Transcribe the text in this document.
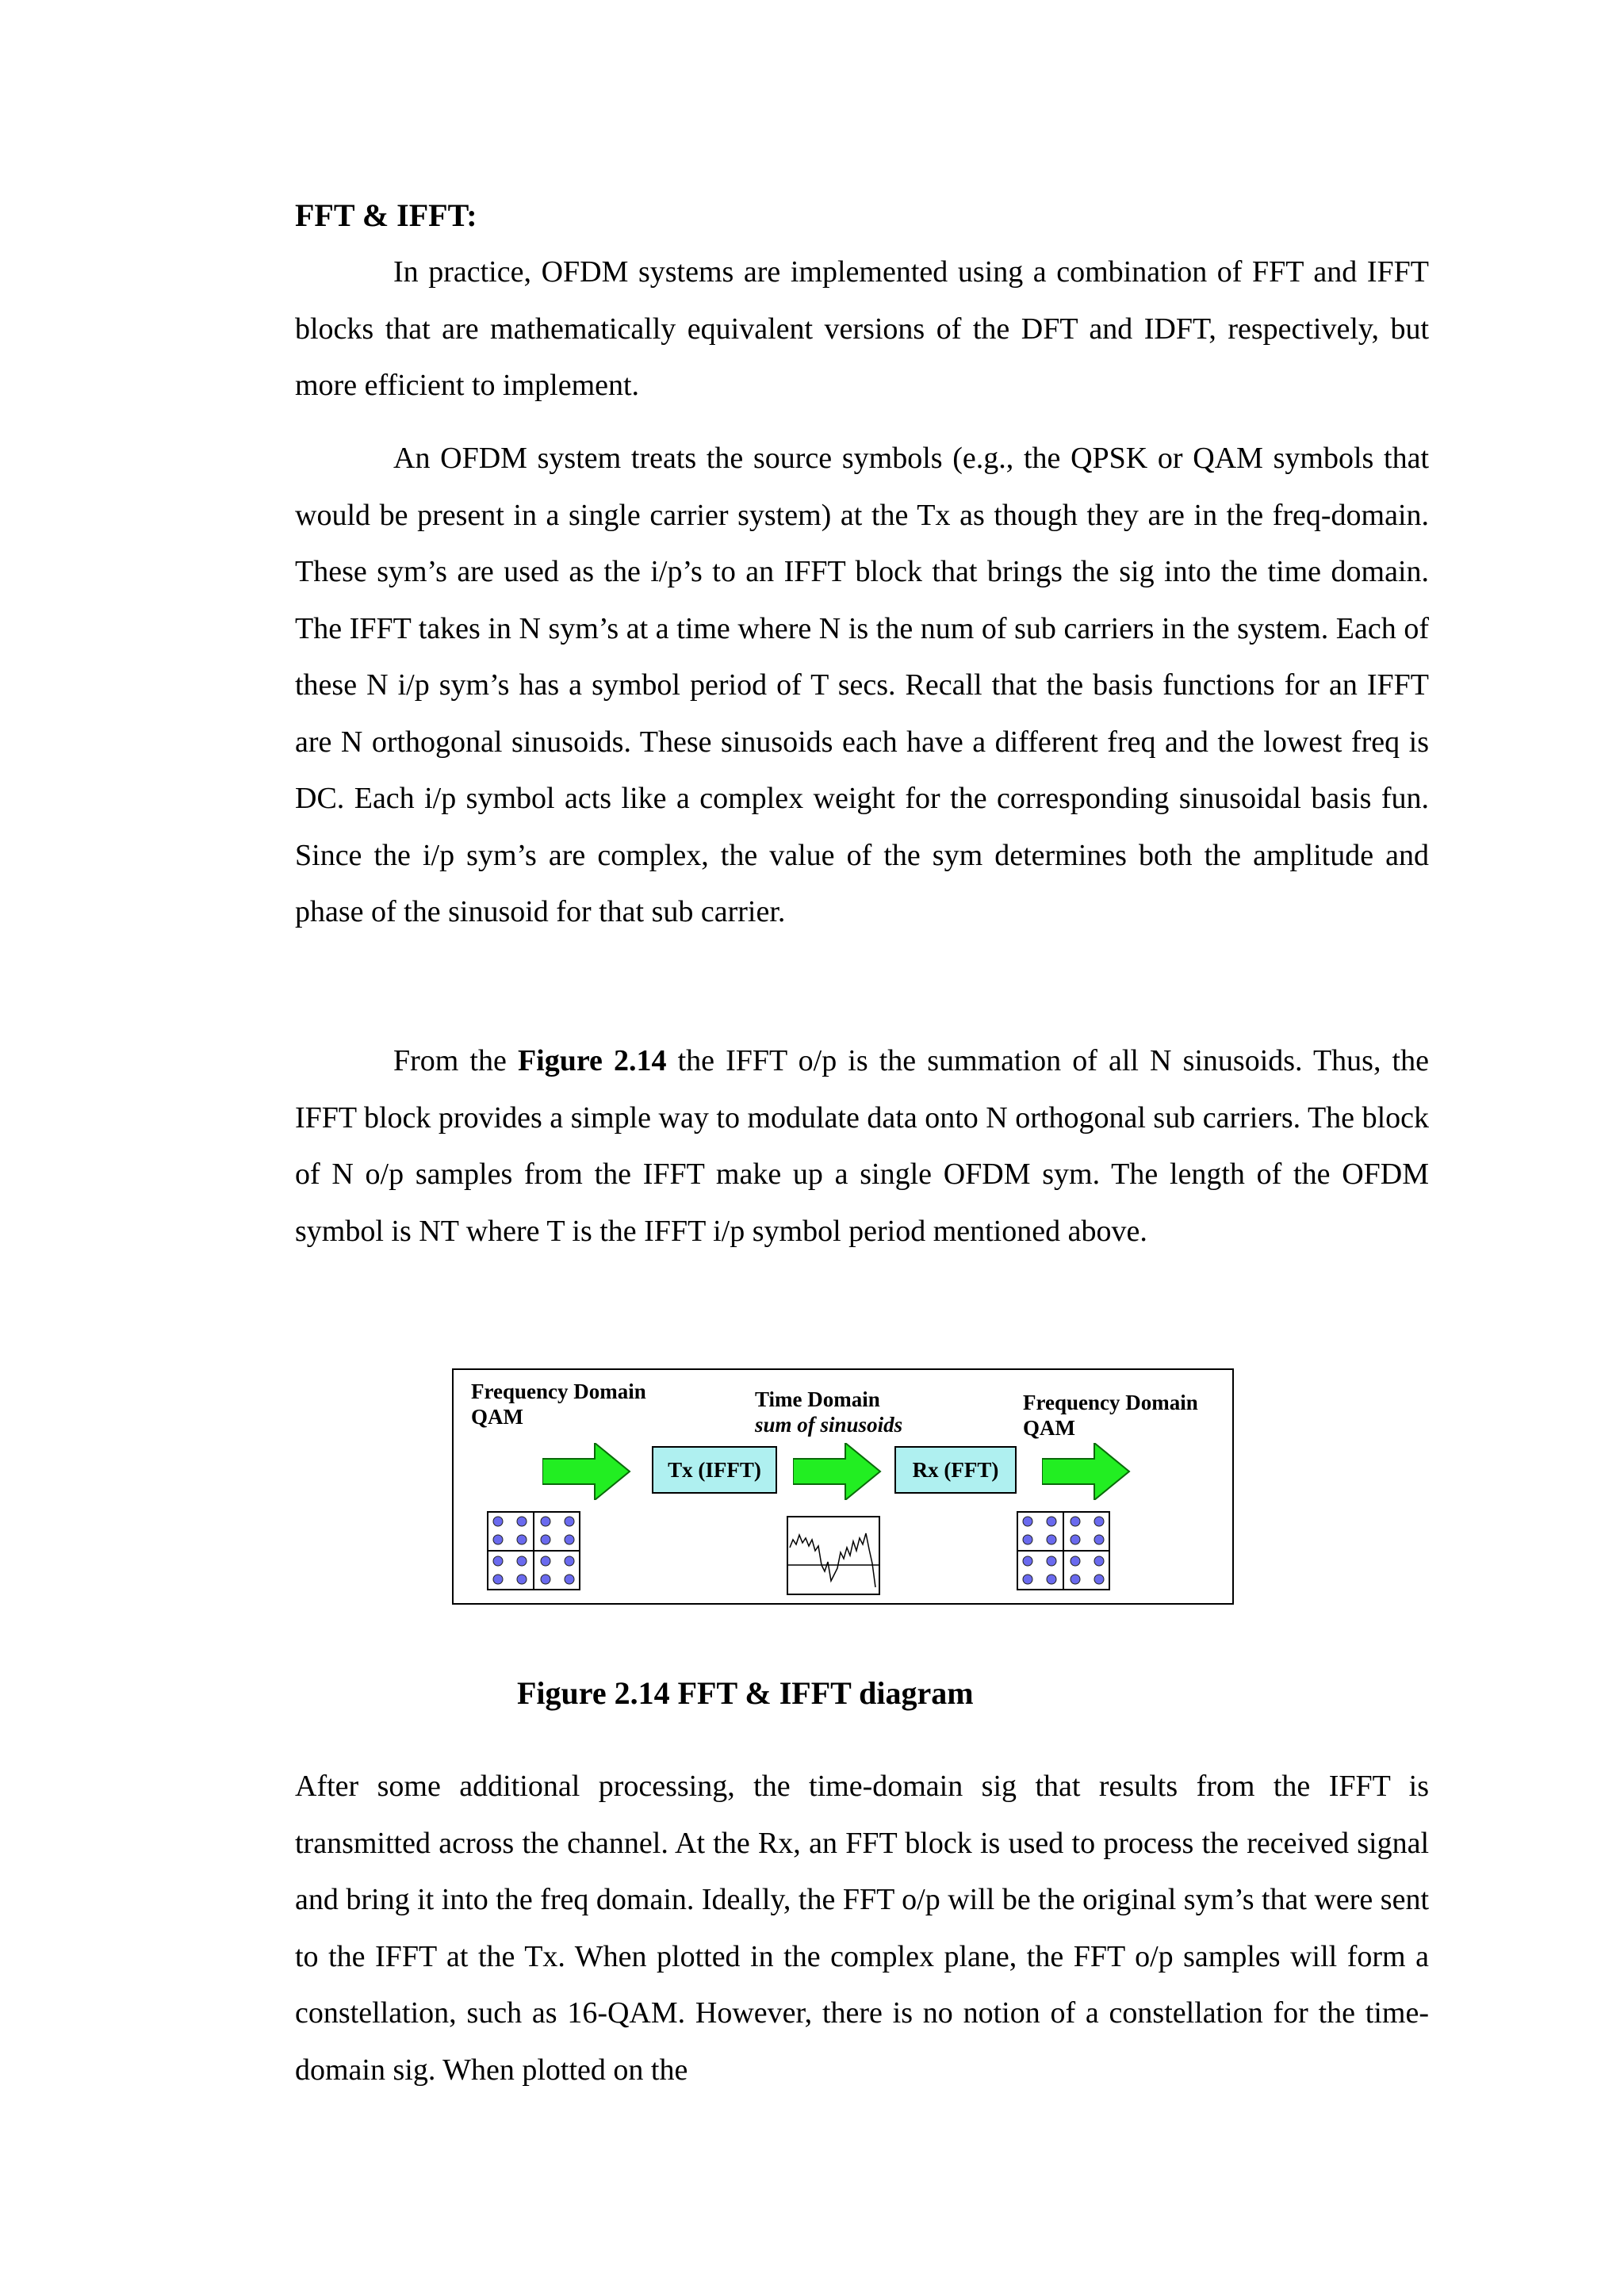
FFT & IFFT:

In practice, OFDM systems are implemented using a combination of FFT and IFFT blocks that are mathematically equivalent versions of the DFT and IDFT, respectively, but more efficient to implement.

An OFDM system treats the source symbols (e.g., the QPSK or QAM symbols that would be present in a single carrier system) at the Tx as though they are in the freq-domain. These sym’s are used as the i/p’s to an IFFT block that brings the sig into the time domain. The IFFT takes in N sym’s at a time where N is the num of sub carriers in the system. Each of these N i/p sym’s has a symbol period of T secs. Recall that the basis functions for an IFFT are N orthogonal sinusoids. These sinusoids each have a different freq and the lowest freq is DC. Each i/p symbol acts like a complex weight for the corresponding sinusoidal basis fun. Since the i/p sym’s are complex, the value of the sym determines both the amplitude and phase of the sinusoid for that sub carrier.

From the Figure 2.14 the IFFT o/p is the summation of all N sinusoids. Thus, the IFFT block provides a simple way to modulate data onto N orthogonal sub carriers. The block of N o/p samples from the IFFT make up a single OFDM sym. The length of the OFDM symbol is NT where T is the IFFT i/p symbol period mentioned above.

Frequency Domain
QAM
Time Domain
sum of sinusoids
Frequency Domain
QAM
Tx (IFFT)	Rx (FFT)

Figure 2.14 FFT & IFFT diagram

After some additional processing, the time-domain sig that results from the IFFT is transmitted across the channel. At the Rx, an FFT block is used to process the received signal and bring it into the freq domain. Ideally, the FFT o/p will be the original sym’s that were sent to the IFFT at the Tx. When plotted in the complex plane, the FFT o/p samples will form a constellation, such as 16-QAM. However, there is no notion of a constellation for the time-domain sig. When plotted on the
